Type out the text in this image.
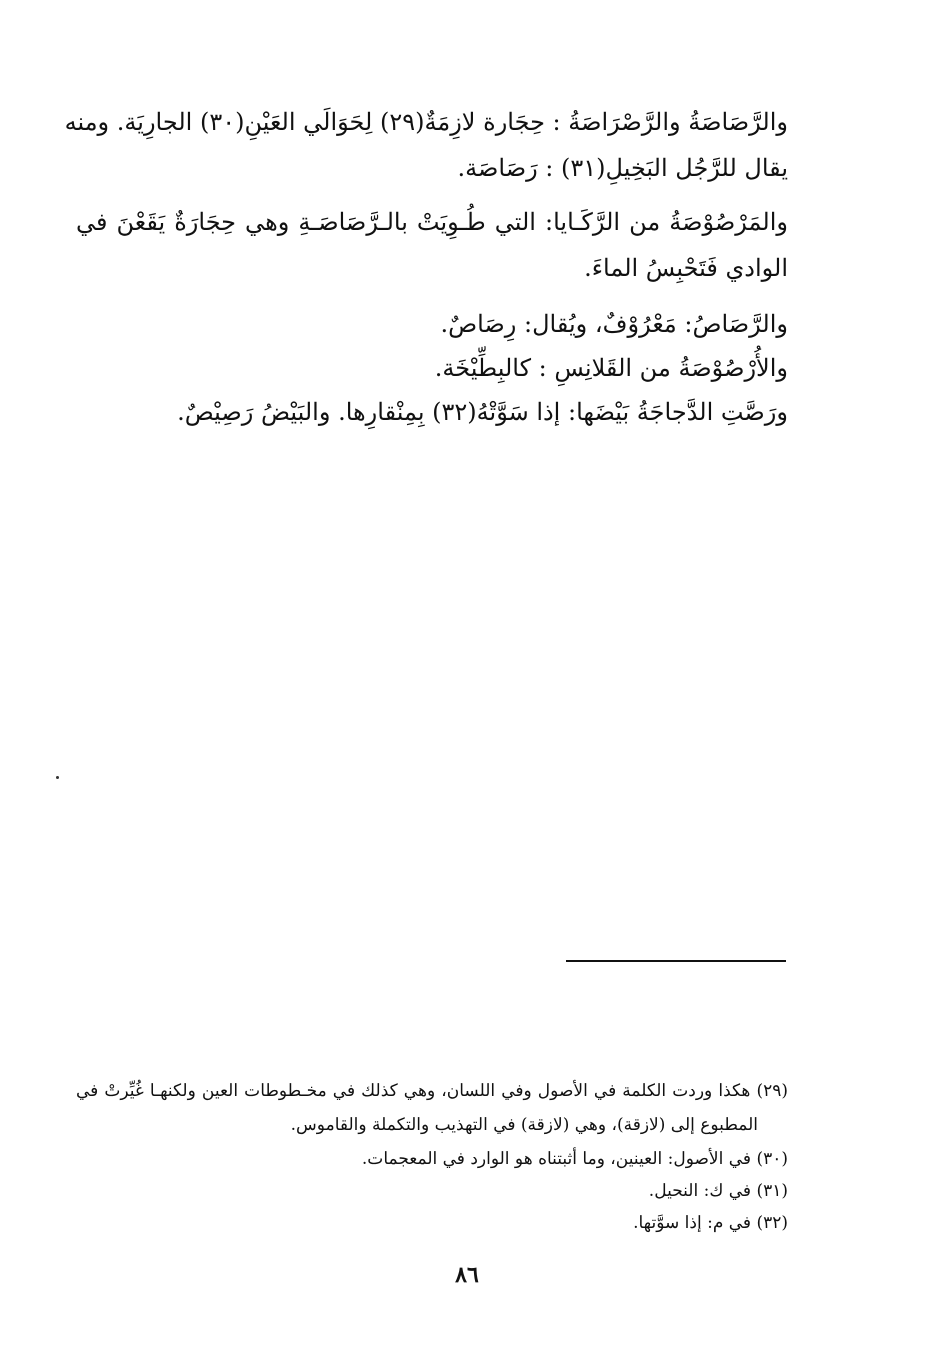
والرَّصَاصَةُ والرَّصْرَاصَةُ : حِجَارة لازِمَةٌ(٢٩) لِحَوَالَي العَيْنِ(٣٠) الجارِيَة. ومنه
يقال للرَّجُل البَخِيلِ(٣١) : رَصَاصَة.
والمَرْصُوْصَةُ من الرَّكَـايا: التي طُـوِيَتْ بالـرَّصَاصَـةِ وهي حِجَارَةٌ يَقَعْنَ في
الوادي فَتَحْبِسُ الماءَ.
والرَّصَاصُ: مَعْرُوْفٌ، ويُقال: رِصَاصٌ.
والأُرْصُوْصَةُ من القَلانِسِ : كالبِطِّيْخَة.
ورَصَّتِ الدَّجاجَةُ بَيْضَها: إذا سَوَّتْهُ(٣٢) بِمِنْقارِها. والبَيْضُ رَصِيْصٌ.
(٢٩) هكذا وردت الكلمة في الأصول وفي اللسان، وهي كذلك في مخـطوطات العين ولكنهـا غُيِّرتْ في
المطبوع إلى (لازقة)، وهي (لازقة) في التهذيب والتكملة والقاموس.
(٣٠) في الأصول: العينين، وما أثبتناه هو الوارد في المعجمات.
(٣١) في ك: النحيل.
(٣٢) في م: إذا سوَّتها.
٨٦
